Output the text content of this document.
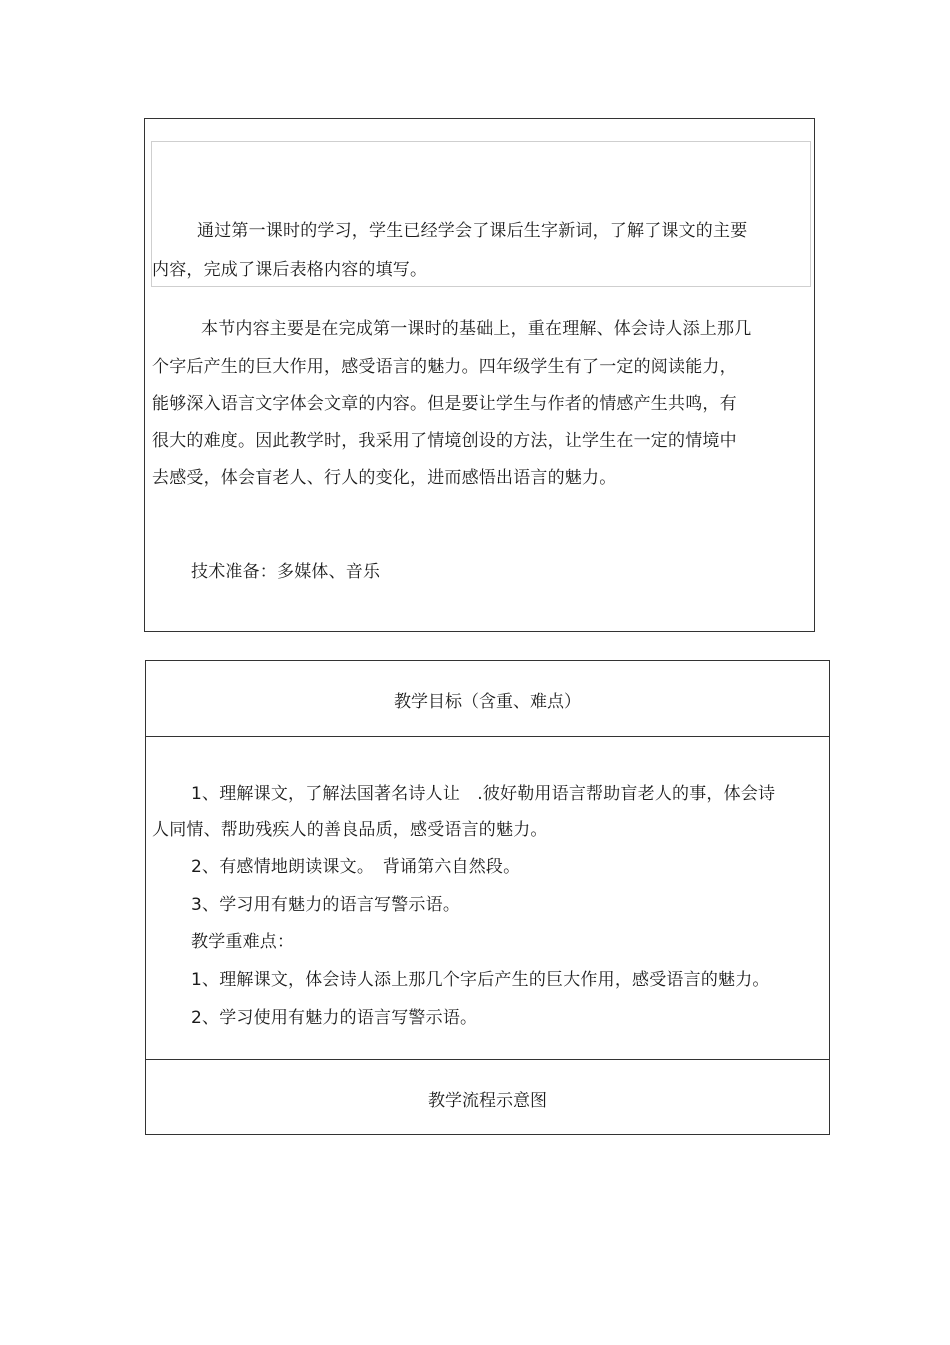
通过第一课时的学习，学生已经学会了课后生字新词，了解了课文的主要
内容，完成了课后表格内容的填写。
本节内容主要是在完成第一课时的基础上，重在理解、体会诗人添上那几
个字后产生的巨大作用，感受语言的魅力。四年级学生有了一定的阅读能力，
能够深入语言文字体会文章的内容。但是要让学生与作者的情感产生共鸣，有
很大的难度。因此教学时，我采用了情境创设的方法，让学生在一定的情境中
去感受，体会盲老人、行人的变化，进而感悟出语言的魅力。
技术准备：多媒体、音乐
教学目标（含重、难点）
1、理解课文，了解法国著名诗人让　.彼好勒用语言帮助盲老人的事，体会诗
人同情、帮助残疾人的善良品质，感受语言的魅力。
2、有感情地朗读课文。　背诵第六自然段。
3、学习用有魅力的语言写警示语。
教学重难点：
1、理解课文，体会诗人添上那几个字后产生的巨大作用，感受语言的魅力。
2、学习使用有魅力的语言写警示语。
教学流程示意图
